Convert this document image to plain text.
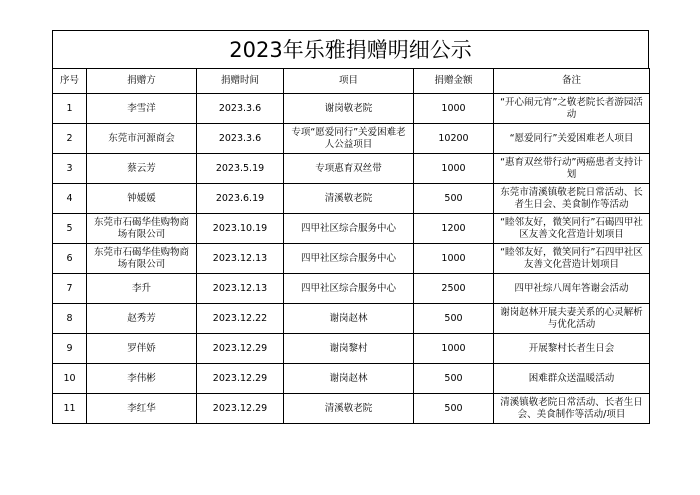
2023年乐雅捐赠明细公示
序号	捐赠方	捐赠时间	项目	捐赠金额	备注
1	李雪洋	2023.3.6	谢岗敬老院	1000	“开心闹元宵”之敬老院长者游园活动
2	东莞市河源商会	2023.3.6	专项“愿爱同行”关爱困难老人公益项目	10200	“愿爱同行”关爱困难老人项目
3	蔡云芳	2023.5.19	专项惠育双丝带	1000	“惠育双丝带行动”两癌患者支持计划
4	钟媛媛	2023.6.19	清溪敬老院	500	东莞市清溪镇敬老院日常活动、长者生日会、美食制作等活动
5	东莞市石碣华佳购物商场有限公司	2023.10.19	四甲社区综合服务中心	1200	“睦邻友好，微笑同行”石碣四甲社区友善文化营造计划项目
6	东莞市石碣华佳购物商场有限公司	2023.12.13	四甲社区综合服务中心	1000	“睦邻友好，微笑同行”石四甲社区友善文化营造计划项目
7	李升	2023.12.13	四甲社区综合服务中心	2500	四甲社综八周年答谢会活动
8	赵秀芳	2023.12.22	谢岗赵林	500	谢岗赵林开展夫妻关系的心灵解析与优化活动
9	罗伴娇	2023.12.29	谢岗黎村	1000	开展黎村长者生日会
10	李伟彬	2023.12.29	谢岗赵林	500	困难群众送温暖活动
11	李红华	2023.12.29	清溪敬老院	500	清溪镇敬老院日常活动、长者生日会、美食制作等活动/项目
